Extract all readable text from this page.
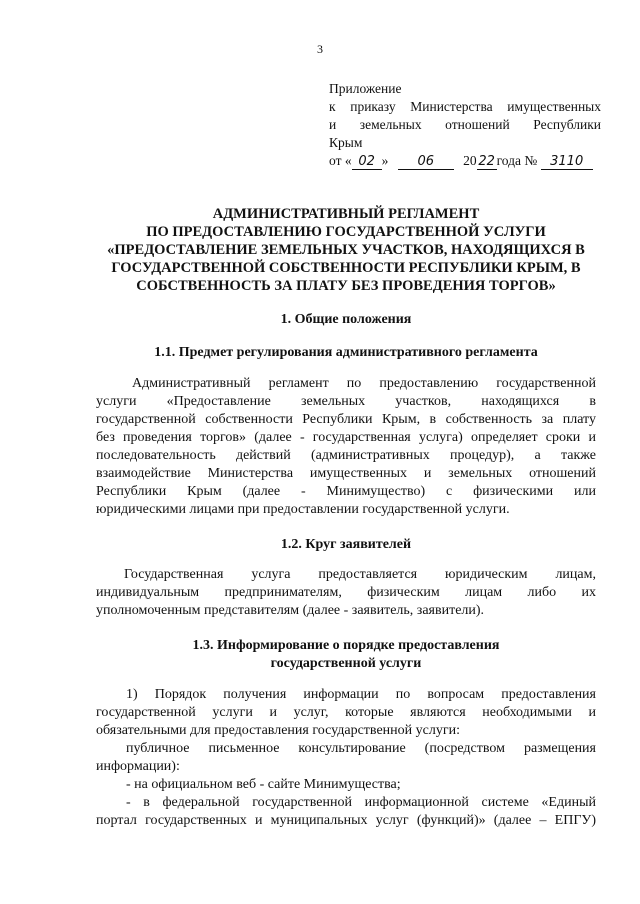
3
Приложение
к приказу Министерства имущественных
и земельных отношений Республики
Крым
от « 02 » 06 20 22 года № 3110
АДМИНИСТРАТИВНЫЙ РЕГЛАМЕНТ
ПО ПРЕДОСТАВЛЕНИЮ ГОСУДАРСТВЕННОЙ УСЛУГИ
«ПРЕДОСТАВЛЕНИЕ ЗЕМЕЛЬНЫХ УЧАСТКОВ, НАХОДЯЩИХСЯ В
ГОСУДАРСТВЕННОЙ СОБСТВЕННОСТИ РЕСПУБЛИКИ КРЫМ, В
СОБСТВЕННОСТЬ ЗА ПЛАТУ БЕЗ ПРОВЕДЕНИЯ ТОРГОВ»
1. Общие положения
1.1. Предмет регулирования административного регламента
Административный регламент по предоставлению государственной
услуги «Предоставление земельных участков, находящихся в
государственной собственности Республики Крым, в собственность за плату
без проведения торгов» (далее - государственная услуга) определяет сроки и
последовательность действий (административных процедур), а также
взаимодействие Министерства имущественных и земельных отношений
Республики Крым (далее - Минимущество) с физическими или
юридическими лицами при предоставлении государственной услуги.
1.2. Круг заявителей
Государственная услуга предоставляется юридическим лицам,
индивидуальным предпринимателям, физическим лицам либо их
уполномоченным представителям (далее - заявитель, заявители).
1.3. Информирование о порядке предоставления
государственной услуги
1) Порядок получения информации по вопросам предоставления
государственной услуги и услуг, которые являются необходимыми и
обязательными для предоставления государственной услуги:
публичное письменное консультирование (посредством размещения
информации):
- на официальном веб - сайте Минимущества;
- в федеральной государственной информационной системе «Единый
портал государственных и муниципальных услуг (функций)» (далее – ЕПГУ)
